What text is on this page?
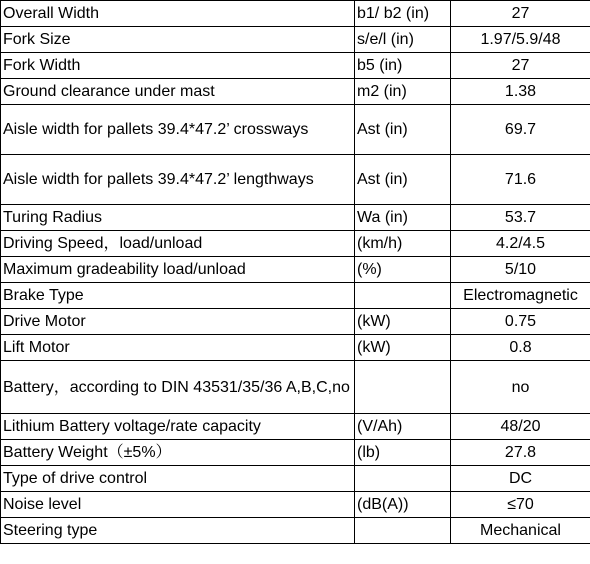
Overall Width	b1/ b2 (in)	27
Fork Size	s/e/l (in)	1.97/5.9/48
Fork Width	b5 (in)	27
Ground clearance under mast	m2 (in)	1.38
Aisle width for pallets 39.4*47.2’ crossways	Ast (in)	69.7
Aisle width for pallets 39.4*47.2’ lengthways	Ast (in)	71.6
Turing Radius	Wa (in)	53.7
Driving Speed，load/unload	(km/h)	4.2/4.5
Maximum gradeability load/unload	(%)	5/10
Brake Type		Electromagnetic
Drive Motor	(kW)	0.75
Lift Motor	(kW)	0.8
Battery，according to DIN 43531/35/36 A,B,C,no		no
Lithium Battery voltage/rate capacity	(V/Ah)	48/20
Battery Weight（±5%）	(lb)	27.8
Type of drive control		DC
Noise level	(dB(A))	≤70
Steering type		Mechanical
